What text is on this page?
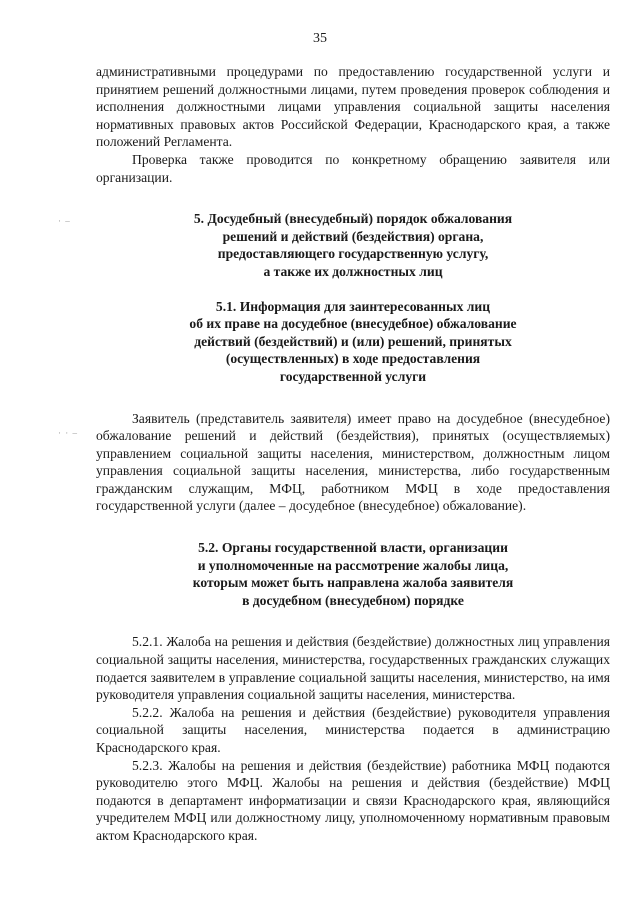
35
· –
· · –

административными процедурами по предоставлению государственной услуги и принятием решений должностными лицами, путем проведения проверок соблюдения и исполнения должностными лицами управления социальной защиты населения нормативных правовых актов Российской Федерации, Краснодарского края, а также положений Регламента.

Проверка также проводится по конкретному обращению заявителя или организации.

5. Досудебный (внесудебный) порядок обжалования
решений и действий (бездействия) органа,
предоставляющего государственную услугу,
а также их должностных лиц
5.1. Информация для заинтересованных лиц
об их праве на досудебное (внесудебное) обжалование
действий (бездействий) и (или) решений, принятых
(осуществленных) в ходе предоставления
государственной услуги

Заявитель (представитель заявителя) имеет право на досудебное (внесудебное) обжалование решений и действий (бездействия), принятых (осуществляемых) управлением социальной защиты населения, министерством, должностным лицом управления социальной защиты населения, министерства, либо государственным гражданским служащим, МФЦ, работником МФЦ в ходе предоставления государственной услуги (далее – досудебное (внесудебное) обжалование).

5.2. Органы государственной власти, организации
и уполномоченные на рассмотрение жалобы лица,
которым может быть направлена жалоба заявителя
в досудебном (внесудебном) порядке

5.2.1. Жалоба на решения и действия (бездействие) должностных лиц управления социальной защиты населения, министерства, государственных гражданских служащих подается заявителем в управление социальной защиты населения, министерство, на имя руководителя управления социальной защиты населения, министерства.

5.2.2. Жалоба на решения и действия (бездействие) руководителя управления социальной защиты населения, министерства подается в администрацию Краснодарского края.

5.2.3. Жалобы на решения и действия (бездействие) работника МФЦ подаются руководителю этого МФЦ. Жалобы на решения и действия (бездействие) МФЦ подаются в департамент информатизации и связи Краснодарского края, являющийся учредителем МФЦ или должностному лицу, уполномоченному нормативным правовым актом Краснодарского края.
